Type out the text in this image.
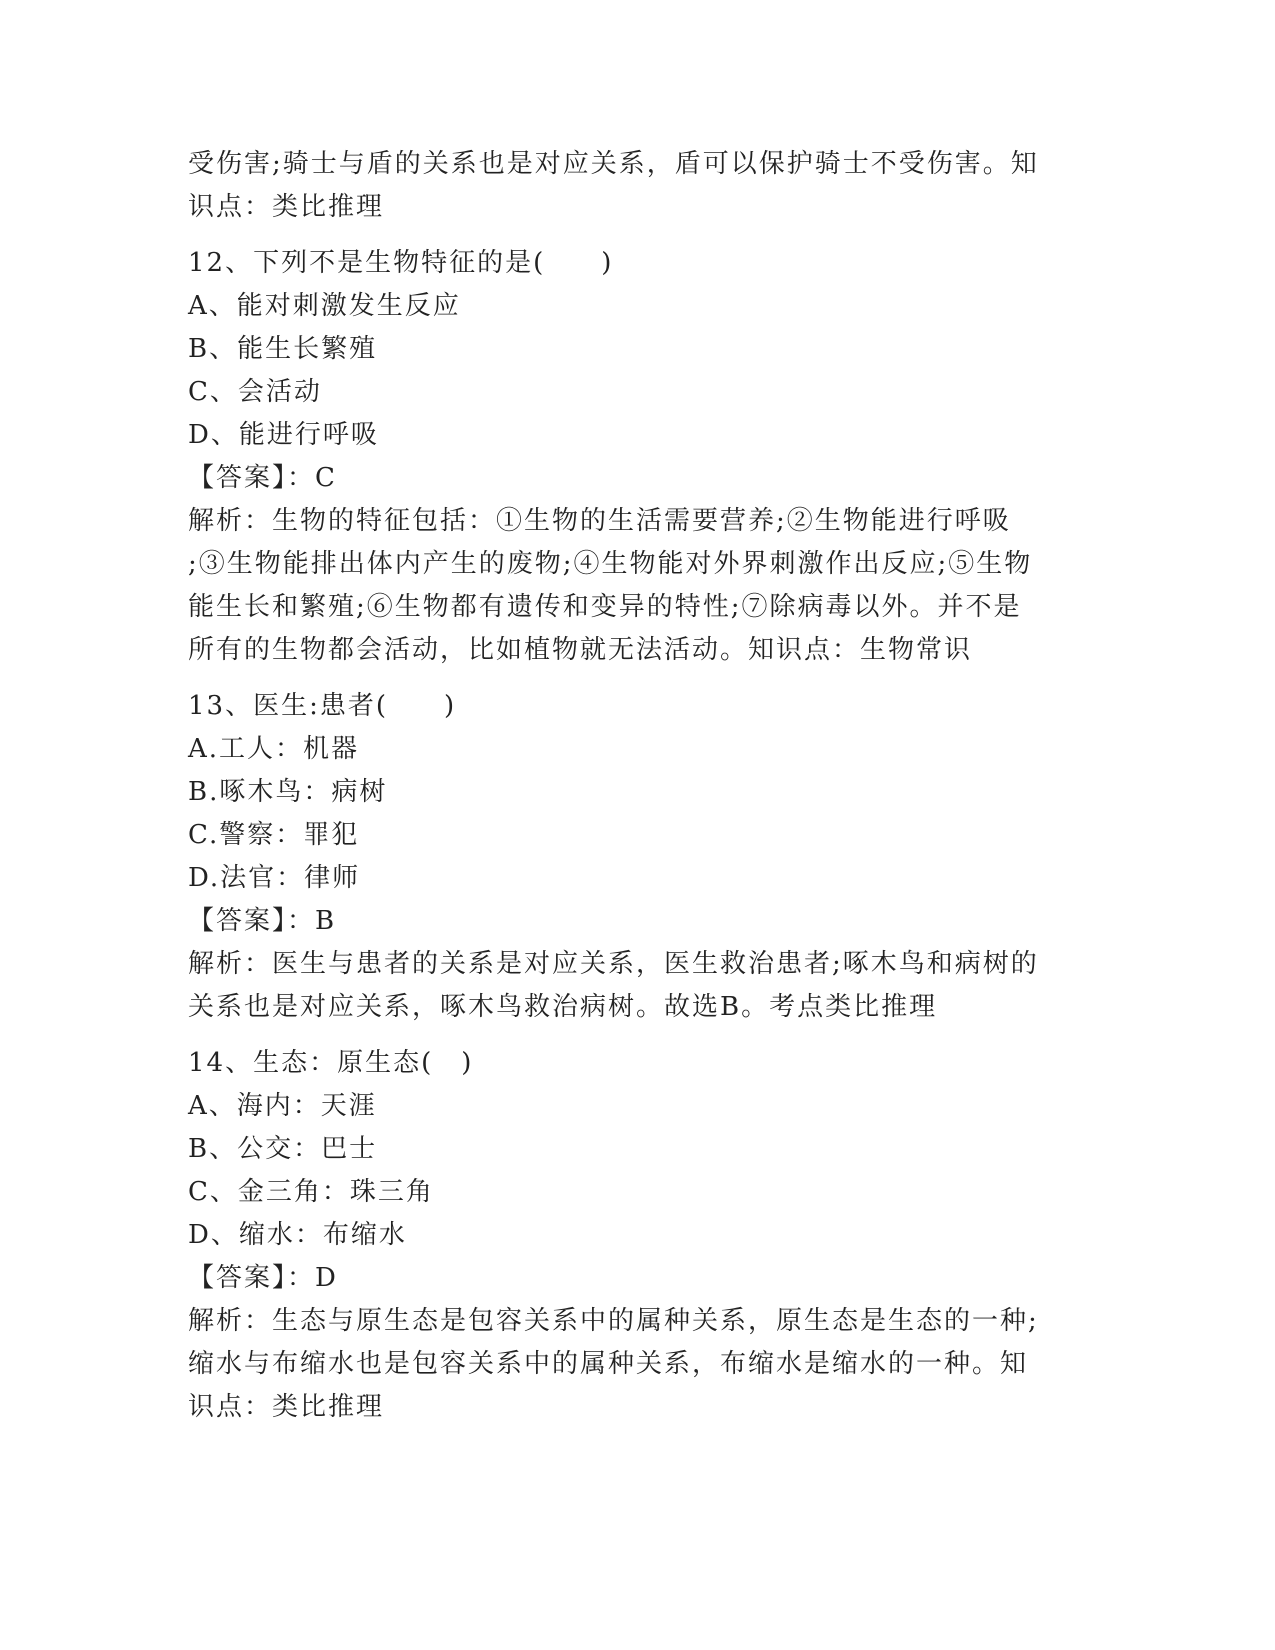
受伤害;骑士与盾的关系也是对应关系，盾可以保护骑士不受伤害。知
识点：类比推理
12、下列不是生物特征的是(　　)
A、能对刺激发生反应
B、能生长繁殖
C、会活动
D、能进行呼吸
【答案】：C
解析：生物的特征包括：①生物的生活需要营养;②生物能进行呼吸
;③生物能排出体内产生的废物;④生物能对外界刺激作出反应;⑤生物
能生长和繁殖;⑥生物都有遗传和变异的特性;⑦除病毒以外。并不是
所有的生物都会活动，比如植物就无法活动。知识点：生物常识
13、医生:患者(　　)
A.工人：机器
B.啄木鸟：病树
C.警察：罪犯
D.法官：律师
【答案】：B
解析：医生与患者的关系是对应关系，医生救治患者;啄木鸟和病树的
关系也是对应关系，啄木鸟救治病树。故选B。考点类比推理
14、生态：原生态(　)
A、海内：天涯
B、公交：巴士
C、金三角：珠三角
D、缩水：布缩水
【答案】：D
解析：生态与原生态是包容关系中的属种关系，原生态是生态的一种;
缩水与布缩水也是包容关系中的属种关系，布缩水是缩水的一种。知
识点：类比推理
